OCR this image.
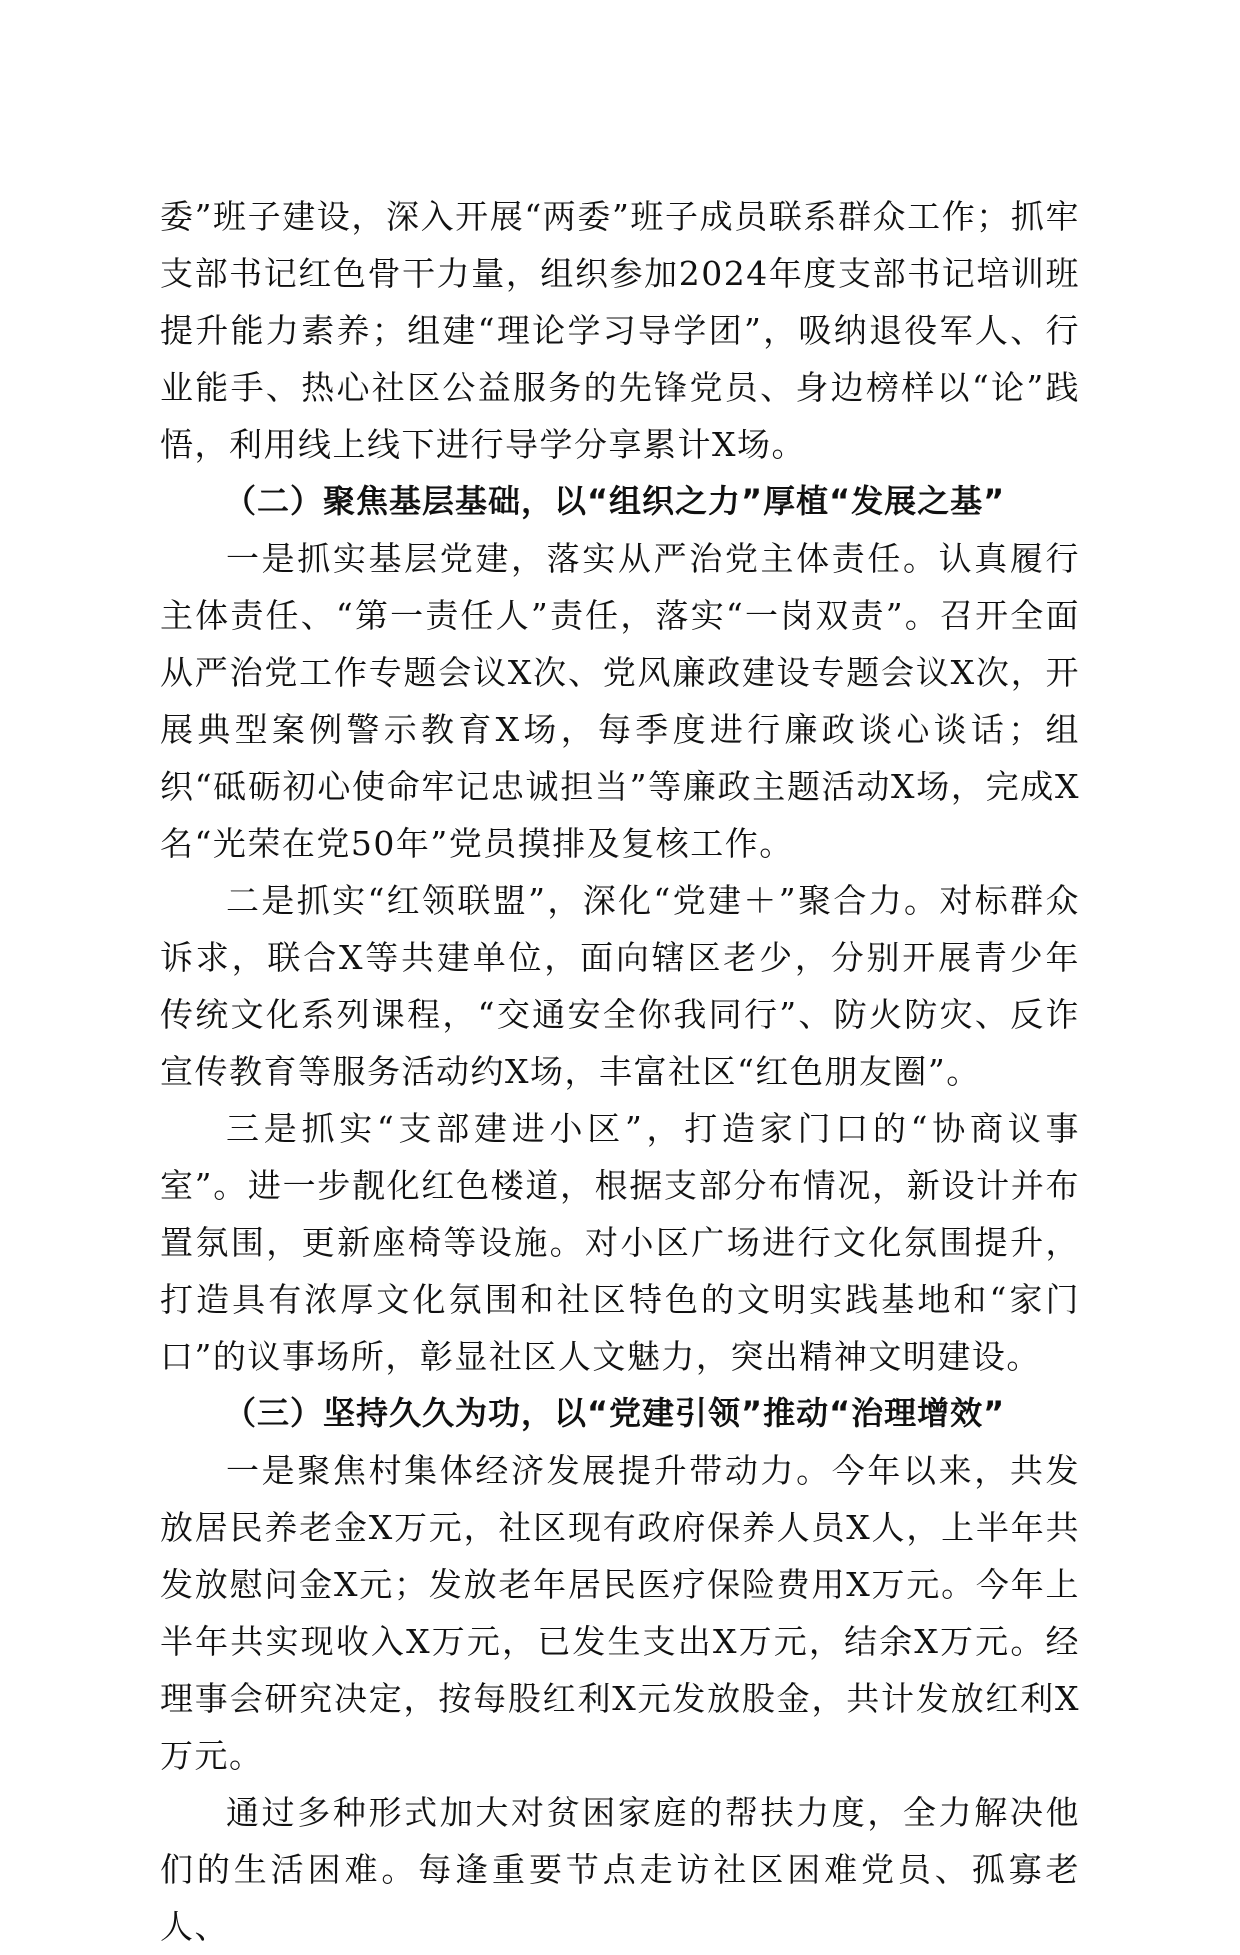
委”班子建设，深入开展“两委”班子成员联系群众工作；抓牢支部书记红色骨干力量，组织参加2024年度支部书记培训班提升能力素养；组建“理论学习导学团”，吸纳退役军人、行业能手、热心社区公益服务的先锋党员、身边榜样以“论”践悟，利用线上线下进行导学分享累计X场。

（二）聚焦基层基础，以“组织之力”厚植“发展之基”

一是抓实基层党建，落实从严治党主体责任。认真履行主体责任、“第一责任人”责任，落实“一岗双责”。召开全面从严治党工作专题会议X次、党风廉政建设专题会议X次，开展典型案例警示教育X场，每季度进行廉政谈心谈话；组织“砥砺初心使命牢记忠诚担当”等廉政主题活动X场，完成X名“光荣在党50年”党员摸排及复核工作。

二是抓实“红领联盟”，深化“党建＋”聚合力。对标群众诉求，联合X等共建单位，面向辖区老少，分别开展青少年传统文化系列课程，“交通安全你我同行”、防火防灾、反诈宣传教育等服务活动约X场，丰富社区“红色朋友圈”。

三是抓实“支部建进小区”，打造家门口的“协商议事室”。进一步靓化红色楼道，根据支部分布情况，新设计并布置氛围，更新座椅等设施。对小区广场进行文化氛围提升，打造具有浓厚文化氛围和社区特色的文明实践基地和“家门口”的议事场所，彰显社区人文魅力，突出精神文明建设。

（三）坚持久久为功，以“党建引领”推动“治理增效”

一是聚焦村集体经济发展提升带动力。今年以来，共发放居民养老金X万元，社区现有政府保养人员X人，上半年共发放慰问金X元；发放老年居民医疗保险费用X万元。今年上半年共实现收入X万元，已发生支出X万元，结余X万元。经理事会研究决定，按每股红利X元发放股金，共计发放红利X万元。

通过多种形式加大对贫困家庭的帮扶力度，全力解决他们的生活困难。每逢重要节点走访社区困难党员、孤寡老人、
